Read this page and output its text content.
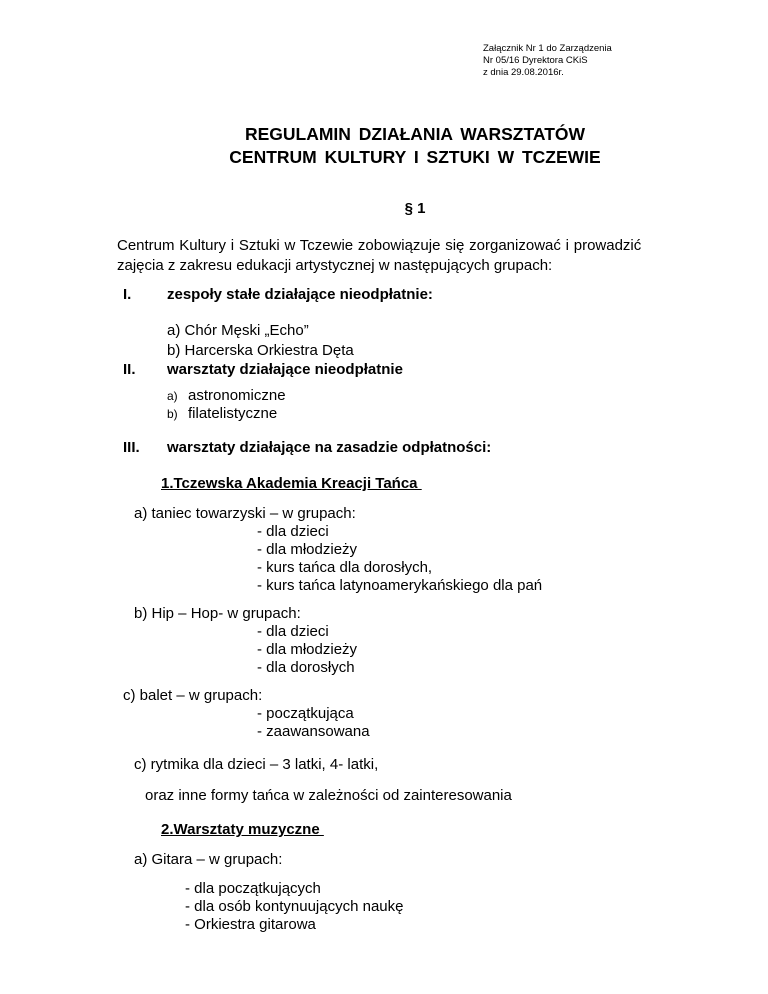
Załącznik Nr 1 do Zarządzenia
Nr 05/16 Dyrektora CKiS
z dnia 29.08.2016r.
REGULAMIN DZIAŁANIA WARSZTATÓW
CENTRUM KULTURY I SZTUKI W TCZEWIE
§ 1
Centrum Kultury i Sztuki w Tczewie zobowiązuje się zorganizować i prowadzić
zajęcia z zakresu edukacji artystycznej w następujących grupach:
I. zespoły stałe działające nieodpłatnie:
a) Chór Męski „Echo”
b) Harcerska Orkiestra Dęta
II. warsztaty działające nieodpłatnie
a) astronomiczne
b) filatelistyczne
III. warsztaty działające na zasadzie odpłatności:
1.Tczewska Akademia Kreacji Tańca
a) taniec towarzyski – w grupach:
- dla dzieci
- dla młodzieży
- kurs tańca dla dorosłych,
- kurs tańca latynoamerykańskiego dla pań
b) Hip – Hop- w grupach:
- dla dzieci
- dla młodzieży
- dla dorosłych
c) balet – w grupach:
- początkująca
- zaawansowana
c) rytmika dla dzieci – 3 latki, 4- latki,
oraz inne formy tańca w zależności od zainteresowania
2.Warsztaty muzyczne
a) Gitara – w grupach:
- dla początkujących
- dla osób kontynuujących naukę
- Orkiestra gitarowa
